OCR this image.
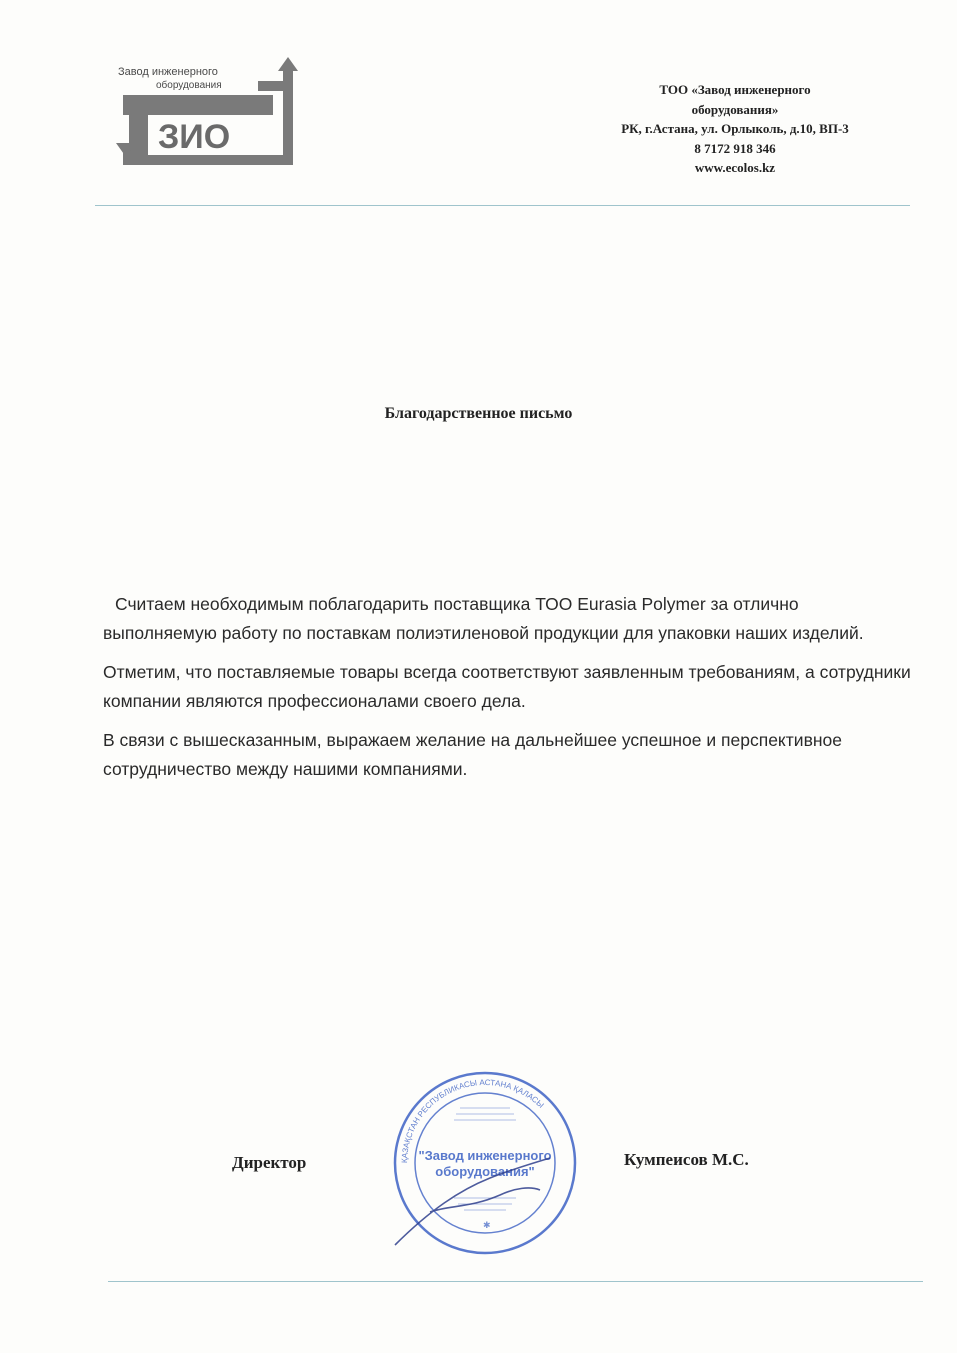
Завод инженерного
оборудования
ЗИО
ТОО «Завод инженерного
оборудования»
РК, г.Астана, ул. Орлыколь, д.10, ВП-3
8 7172 918 346
www.ecolos.kz
Благодарственное письмо

Считаем необходимым поблагодарить поставщика ТОО Eurasia Polymer за отлично выполняемую работу по поставкам полиэтиленовой продукции для упаковки наших изделий.

Отметим, что поставляемые товары всегда соответствуют заявленным требованиям, а сотрудники компании являются профессионалами своего дела.

В связи с вышесказанным, выражаем желание на дальнейшее успешное и перспективное сотрудничество между нашими компаниями.

Директор	Кумпеисов М.С.
ҚАЗАҚСТАН РЕСПУБЛИКАСЫ АСТАНА ҚАЛАСЫ
"Завод инженерного
оборудования"
✱
